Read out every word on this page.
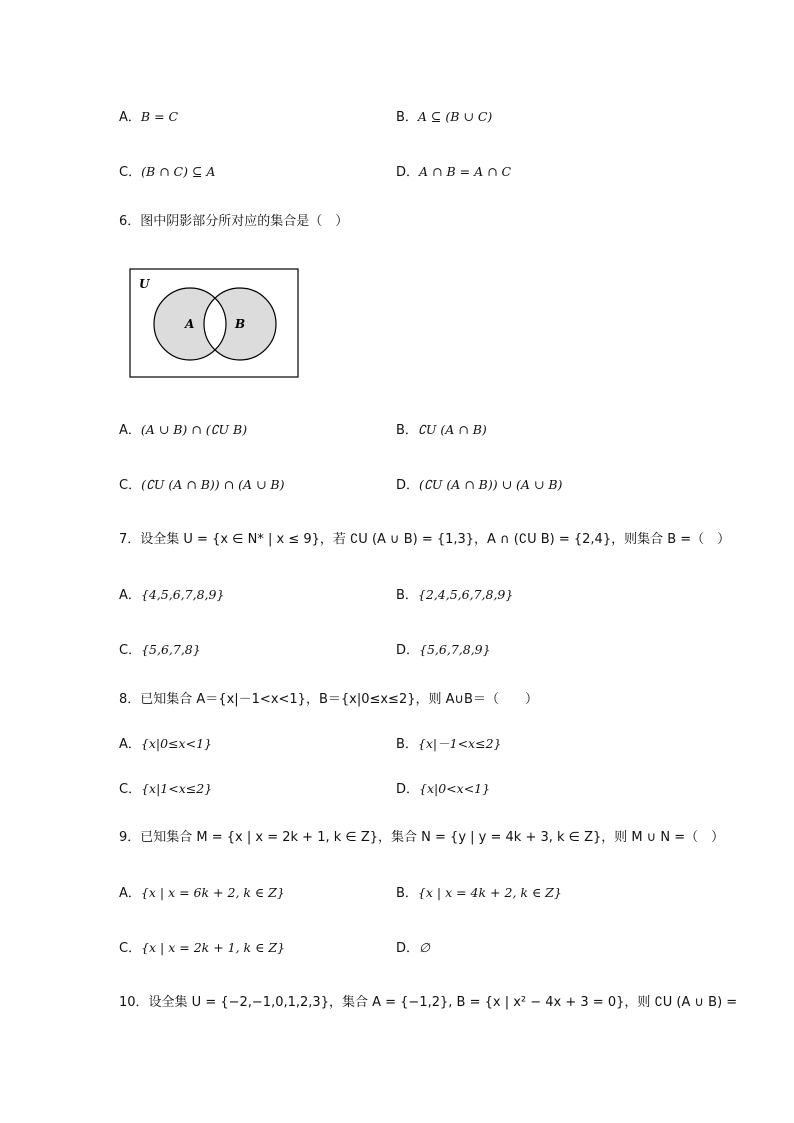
A．B = C	B．A ⊆ (B ∪ C)
C．(B ∩ C) ⊆ A	D．A ∩ B = A ∩ C
6．图中阴影部分所对应的集合是（　）
U
A	B
A．(A ∪ B) ∩ (∁U B)	B．∁U (A ∩ B)
C．(∁U (A ∩ B)) ∩ (A ∪ B)	D．(∁U (A ∩ B)) ∪ (A ∪ B)
7．设全集 U = {x ∈ N* | x ≤ 9}，若 ∁U (A ∪ B) = {1,3}，A ∩ (∁U B) = {2,4}，则集合 B =（　）
A．{4,5,6,7,8,9}	B．{2,4,5,6,7,8,9}
C．{5,6,7,8}	D．{5,6,7,8,9}
8．已知集合 A＝{x|－1<x<1}，B＝{x|0≤x≤2}，则 A∪B＝（　　）
A．{x|0≤x<1}	B．{x|－1<x≤2}
C．{x|1<x≤2}	D．{x|0<x<1}
9．已知集合 M = {x | x = 2k + 1, k ∈ Z}，集合 N = {y | y = 4k + 3, k ∈ Z}，则 M ∪ N =（　）
A．{x | x = 6k + 2, k ∈ Z}	B．{x | x = 4k + 2, k ∈ Z}
C．{x | x = 2k + 1, k ∈ Z}	D．∅
10．设全集 U = {−2,−1,0,1,2,3}，集合 A = {−1,2}, B = {x | x² − 4x + 3 = 0}，则 ∁U (A ∪ B) =
